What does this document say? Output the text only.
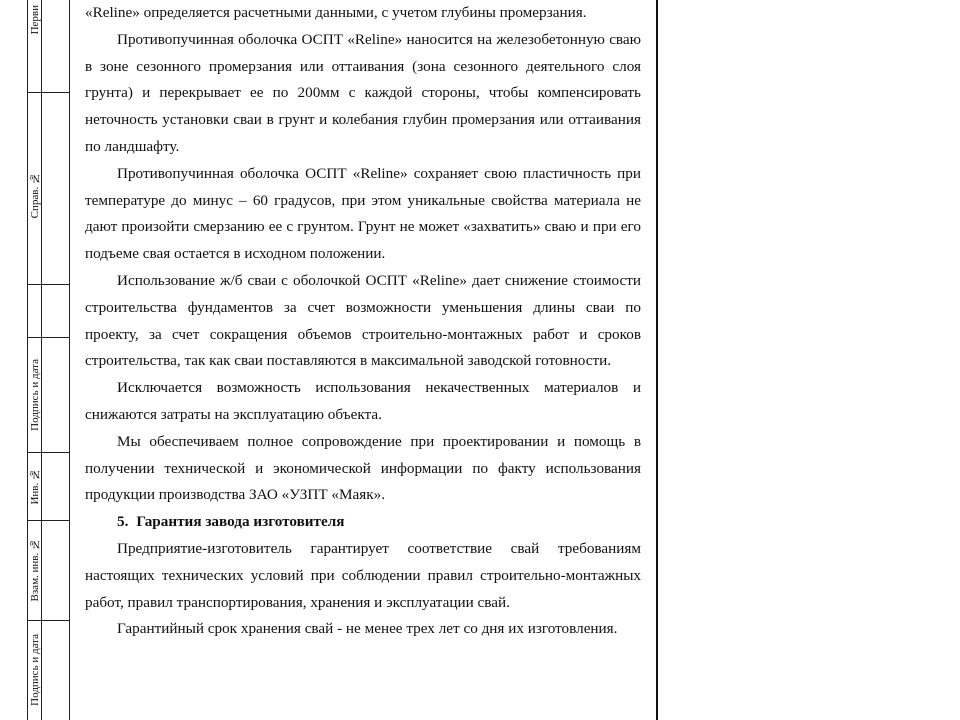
Перви
Справ. №
Подпись и дата
Инв. №
Взам. инв. №
Подпись и дата

«Reline» определяется расчетными данными, с учетом глубины промерзания.

Противопучинная оболочка ОСПТ «Reline» наносится на железобетонную сваю в зоне сезонного промерзания или оттаивания (зона сезонного деятельного слоя грунта) и перекрывает ее по 200мм с каждой стороны, чтобы компенсировать неточность установки сваи в грунт и колебания глубин промерзания или оттаивания по ландшафту.

Противопучинная оболочка ОСПТ «Reline» сохраняет свою пластичность при температуре до минус – 60 градусов, при этом уникальные свойства материала не дают произойти смерзанию ее с грунтом. Грунт не может «захватить» сваю и при его подъеме свая остается в исходном положении.

Использование ж/б сваи с оболочкой ОСПТ «Reline» дает снижение стоимости строительства фундаментов за счет возможности уменьшения длины сваи по проекту, за счет сокращения объемов строительно-монтажных работ и сроков строительства, так как сваи поставляются в максимальной заводской готовности.

Исключается возможность использования некачественных материалов и снижаются затраты на эксплуатацию объекта.

Мы обеспечиваем полное сопровождение при проектировании и помощь в получении технической и экономической информации по факту использования продукции производства ЗАО «УЗПТ «Маяк».

5. Гарантия завода изготовителя

Предприятие-изготовитель гарантирует соответствие свай требованиям настоящих технических условий при соблюдении правил строительно-монтажных работ, правил транспортирования, хранения и эксплуатации свай.

Гарантийный срок хранения свай - не менее трех лет со дня их изготовления.
